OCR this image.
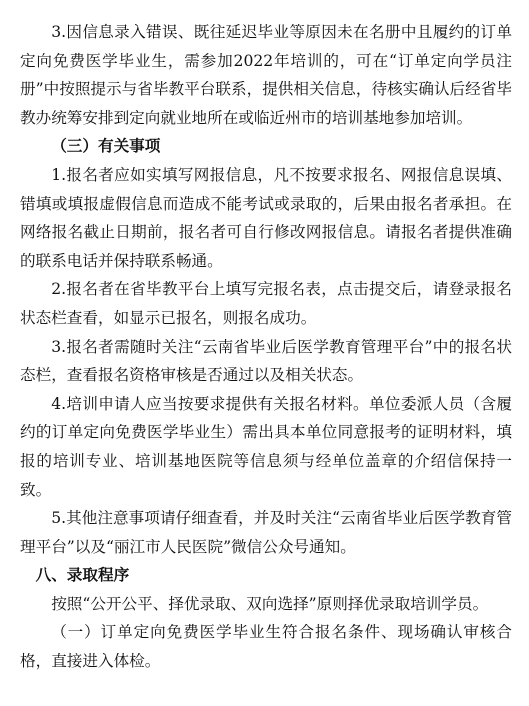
3.因信息录入错误、既往延迟毕业等原因未在名册中且履约的订单定向免费医学毕业生，需参加2022年培训的，可在“订单定向学员注册”中按照提示与省毕教平台联系，提供相关信息，待核实确认后经省毕教办统筹安排到定向就业地所在或临近州市的培训基地参加培训。

（三）有关事项

1.报名者应如实填写网报信息，凡不按要求报名、网报信息误填、错填或填报虚假信息而造成不能考试或录取的，后果由报名者承担。在网络报名截止日期前，报名者可自行修改网报信息。请报名者提供准确的联系电话并保持联系畅通。

2.报名者在省毕教平台上填写完报名表，点击提交后，请登录报名状态栏查看，如显示已报名，则报名成功。

3.报名者需随时关注“云南省毕业后医学教育管理平台”中的报名状态栏，查看报名资格审核是否通过以及相关状态。

4.培训申请人应当按要求提供有关报名材料。单位委派人员（含履约的订单定向免费医学毕业生）需出具本单位同意报考的证明材料，填报的培训专业、培训基地医院等信息须与经单位盖章的介绍信保持一致。

5.其他注意事项请仔细查看，并及时关注“云南省毕业后医学教育管理平台”以及“丽江市人民医院”微信公众号通知。

八、录取程序

按照“公开公平、择优录取、双向选择”原则择优录取培训学员。

（一）订单定向免费医学毕业生符合报名条件、现场确认审核合格，直接进入体检。
